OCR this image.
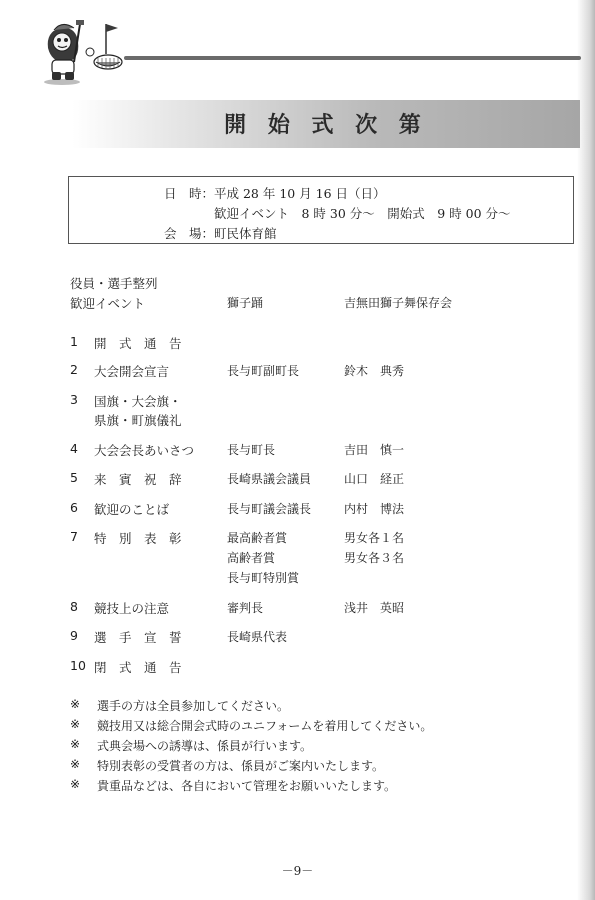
開 始 式 次 第
日　時： 平成 28 年 10 月 16 日（日）
歓迎イベント　8 時 30 分～　開始式　9 時 00 分～
会　場： 町民体育館
役員・選手整列
歓迎イベント	獅子踊	吉無田獅子舞保存会
1 開　式　通　告
2 大会開会宣言	長与町副町長	鈴木　典秀
3 国旗・大会旗・
県旗・町旗儀礼
4 大会会長あいさつ	長与町長	吉田　慎一
5 来　賓　祝　辞	長崎県議会議員	山口　経正
6 歓迎のことば	長与町議会議長	内村　博法
7 特　別　表　彰	最高齢者賞	男女各１名
高齢者賞	男女各３名
長与町特別賞
8 競技上の注意	審判長	浅井　英昭
9 選　手　宣　誓	長崎県代表
10 閉　式　通　告
※ 選手の方は全員参加してください。
※ 競技用又は総合開会式時のユニフォームを着用してください。
※ 式典会場への誘導は、係員が行います。
※ 特別表彰の受賞者の方は、係員がご案内いたします。
※ 貴重品などは、各自において管理をお願いいたします。
－9－
